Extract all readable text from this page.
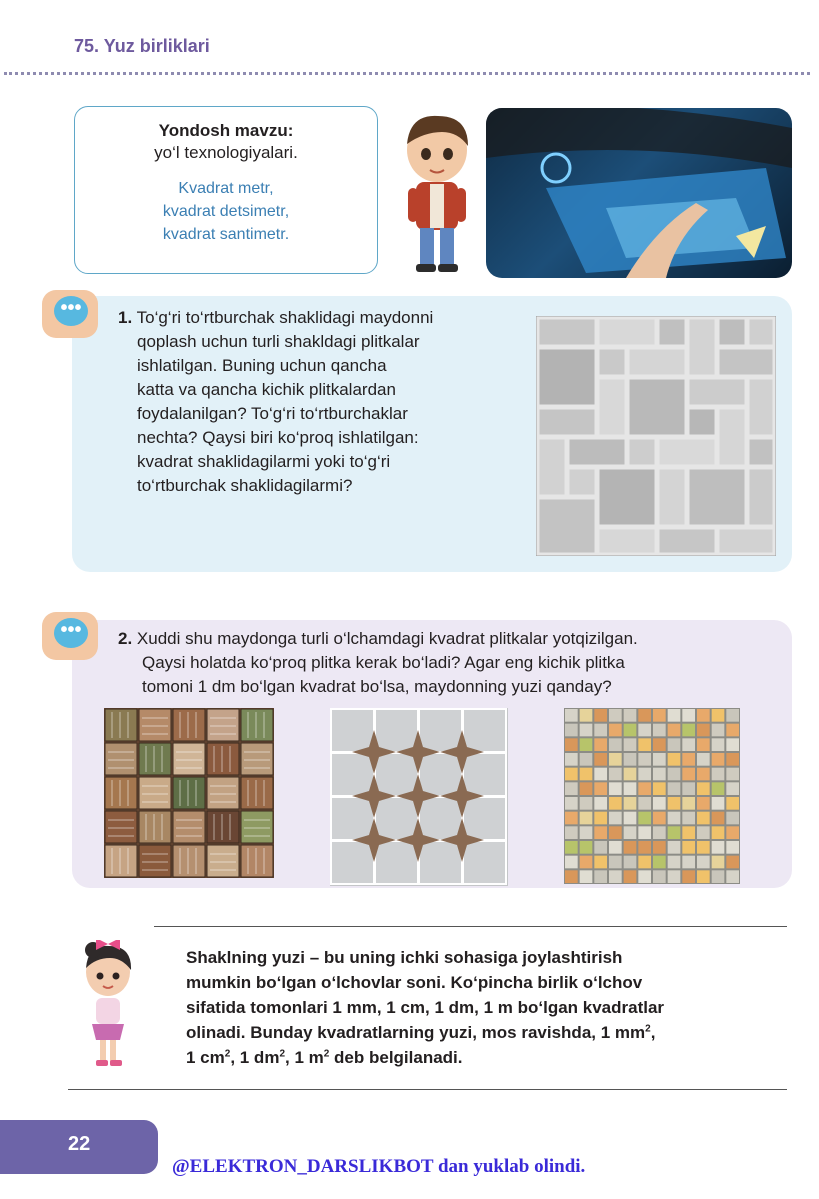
75. Yuz birliklari
Yondosh mavzu:
yo‘l texnologiyalari.
Kvadrat metr,
kvadrat detsimetr,
kvadrat santimetr.
•••	1. To‘g‘ri to‘rtburchak shaklidagi maydonni
qoplash uchun turli shakldagi plitkalar
ishlatilgan. Buning uchun qancha
katta va qancha kichik plitkalardan
foydalanilgan? To‘g‘ri to‘rtburchaklar
nechta? Qaysi biri ko‘proq ishlatilgan:
kvadrat shaklidagilarmi yoki to‘g‘ri
to‘rtburchak shaklidagilarmi?
•••	2. Xuddi shu maydonga turli o‘lchamdagi kvadrat plitkalar yotqizilgan.
Qaysi holatda ko‘proq plitka kerak bo‘ladi? Agar eng kichik plitka
tomoni 1 dm bo‘lgan kvadrat bo‘lsa, maydonning yuzi qanday?
Shaklning yuzi – bu uning ichki sohasiga joylashtirish
mumkin bo‘lgan o‘lchovlar soni. Ko‘pincha birlik o‘lchov
sifatida tomonlari 1 mm, 1 cm, 1 dm, 1 m bo‘lgan kvadratlar
olinadi. Bunday kvadratlarning yuzi, mos ravishda, 1 $mm^2$,
1 $cm^2$, 1 $dm^2$, 1 $m^2$ deb belgilanadi.
22
@ELEKTRON_DARSLIKBOT dan yuklab olindi.
